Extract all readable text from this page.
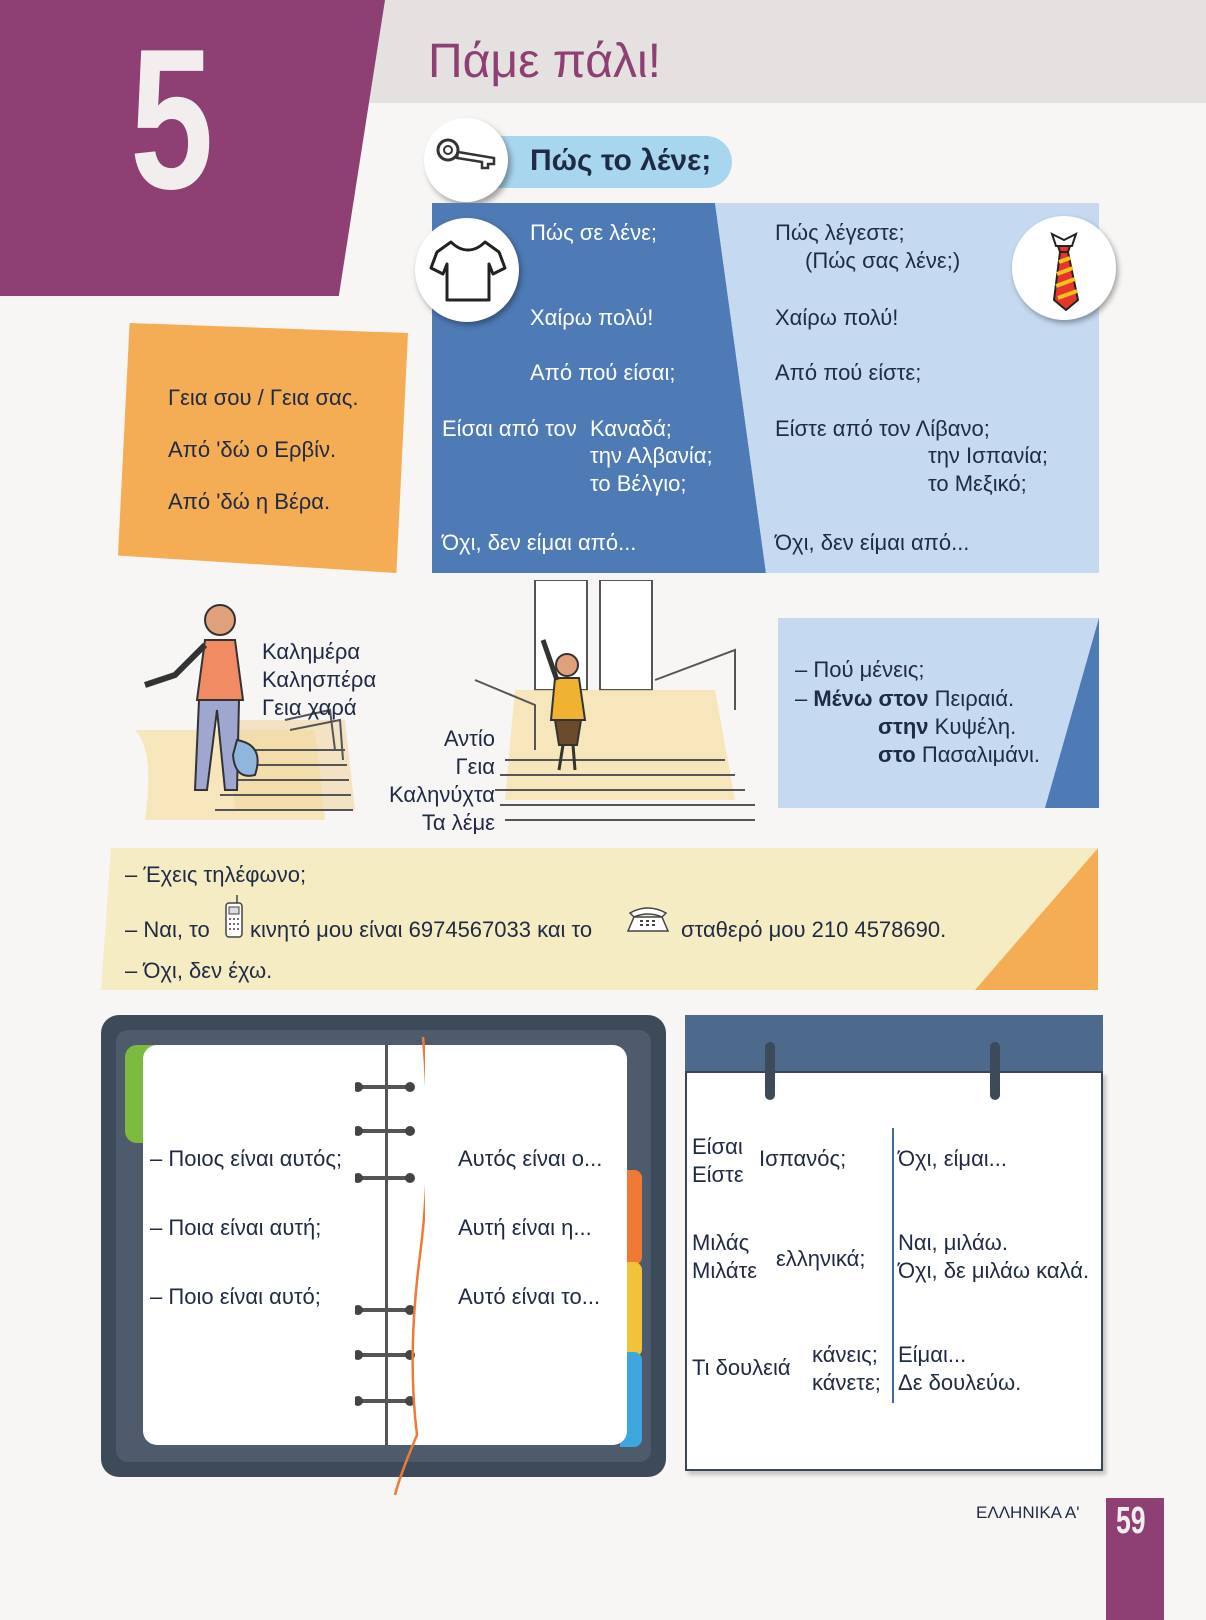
5	Πάμε πάλι!
Πώς το λένε;
Πώς σε λένε;
Χαίρω πολύ!
Από πού είσαι;
Είσαι από τον Καναδά;
την Αλβανία;
το Βέλγιο;
Όχι, δεν είμαι από...
Πώς λέγεστε;
(Πώς σας λένε;)
Χαίρω πολύ!
Από πού είστε;
Είστε από τον Λίβανο;
την Ισπανία;
το Μεξικό;
Όχι, δεν είμαι από...
Γεια σου / Γεια σας.
Από 'δώ ο Ερβίν.
Από 'δώ η Βέρα.
Καλημέρα
Καλησπέρα
Γεια χαρά
Αντίο
Γεια
Καληνύχτα
Τα λέμε
– Πού μένεις;
– Μένω στον Πειραιά.
στην Κυψέλη.
στο Πασαλιμάνι.
– Έχεις τηλέφωνο;
– Ναι, το κινητό μου είναι 6974567033 και το	σταθερό μου 210 4578690.
– Όχι, δεν έχω.
– Ποιος είναι αυτός;
– Ποια είναι αυτή;
– Ποιο είναι αυτό;
Αυτός είναι ο...
Αυτή είναι η...
Αυτό είναι το...
Είσαι
Είστε
Ισπανός; Όχι, είμαι...
Μιλάς
Μιλάτε ελληνικά;
Ναι, μιλάω.
Όχι, δε μιλάω καλά.
Τι δουλειά
κάνεις;
κάνετε;
Είμαι...
Δε δουλεύω.
ΕΛΛΗΝΙΚΑ Α' 59
